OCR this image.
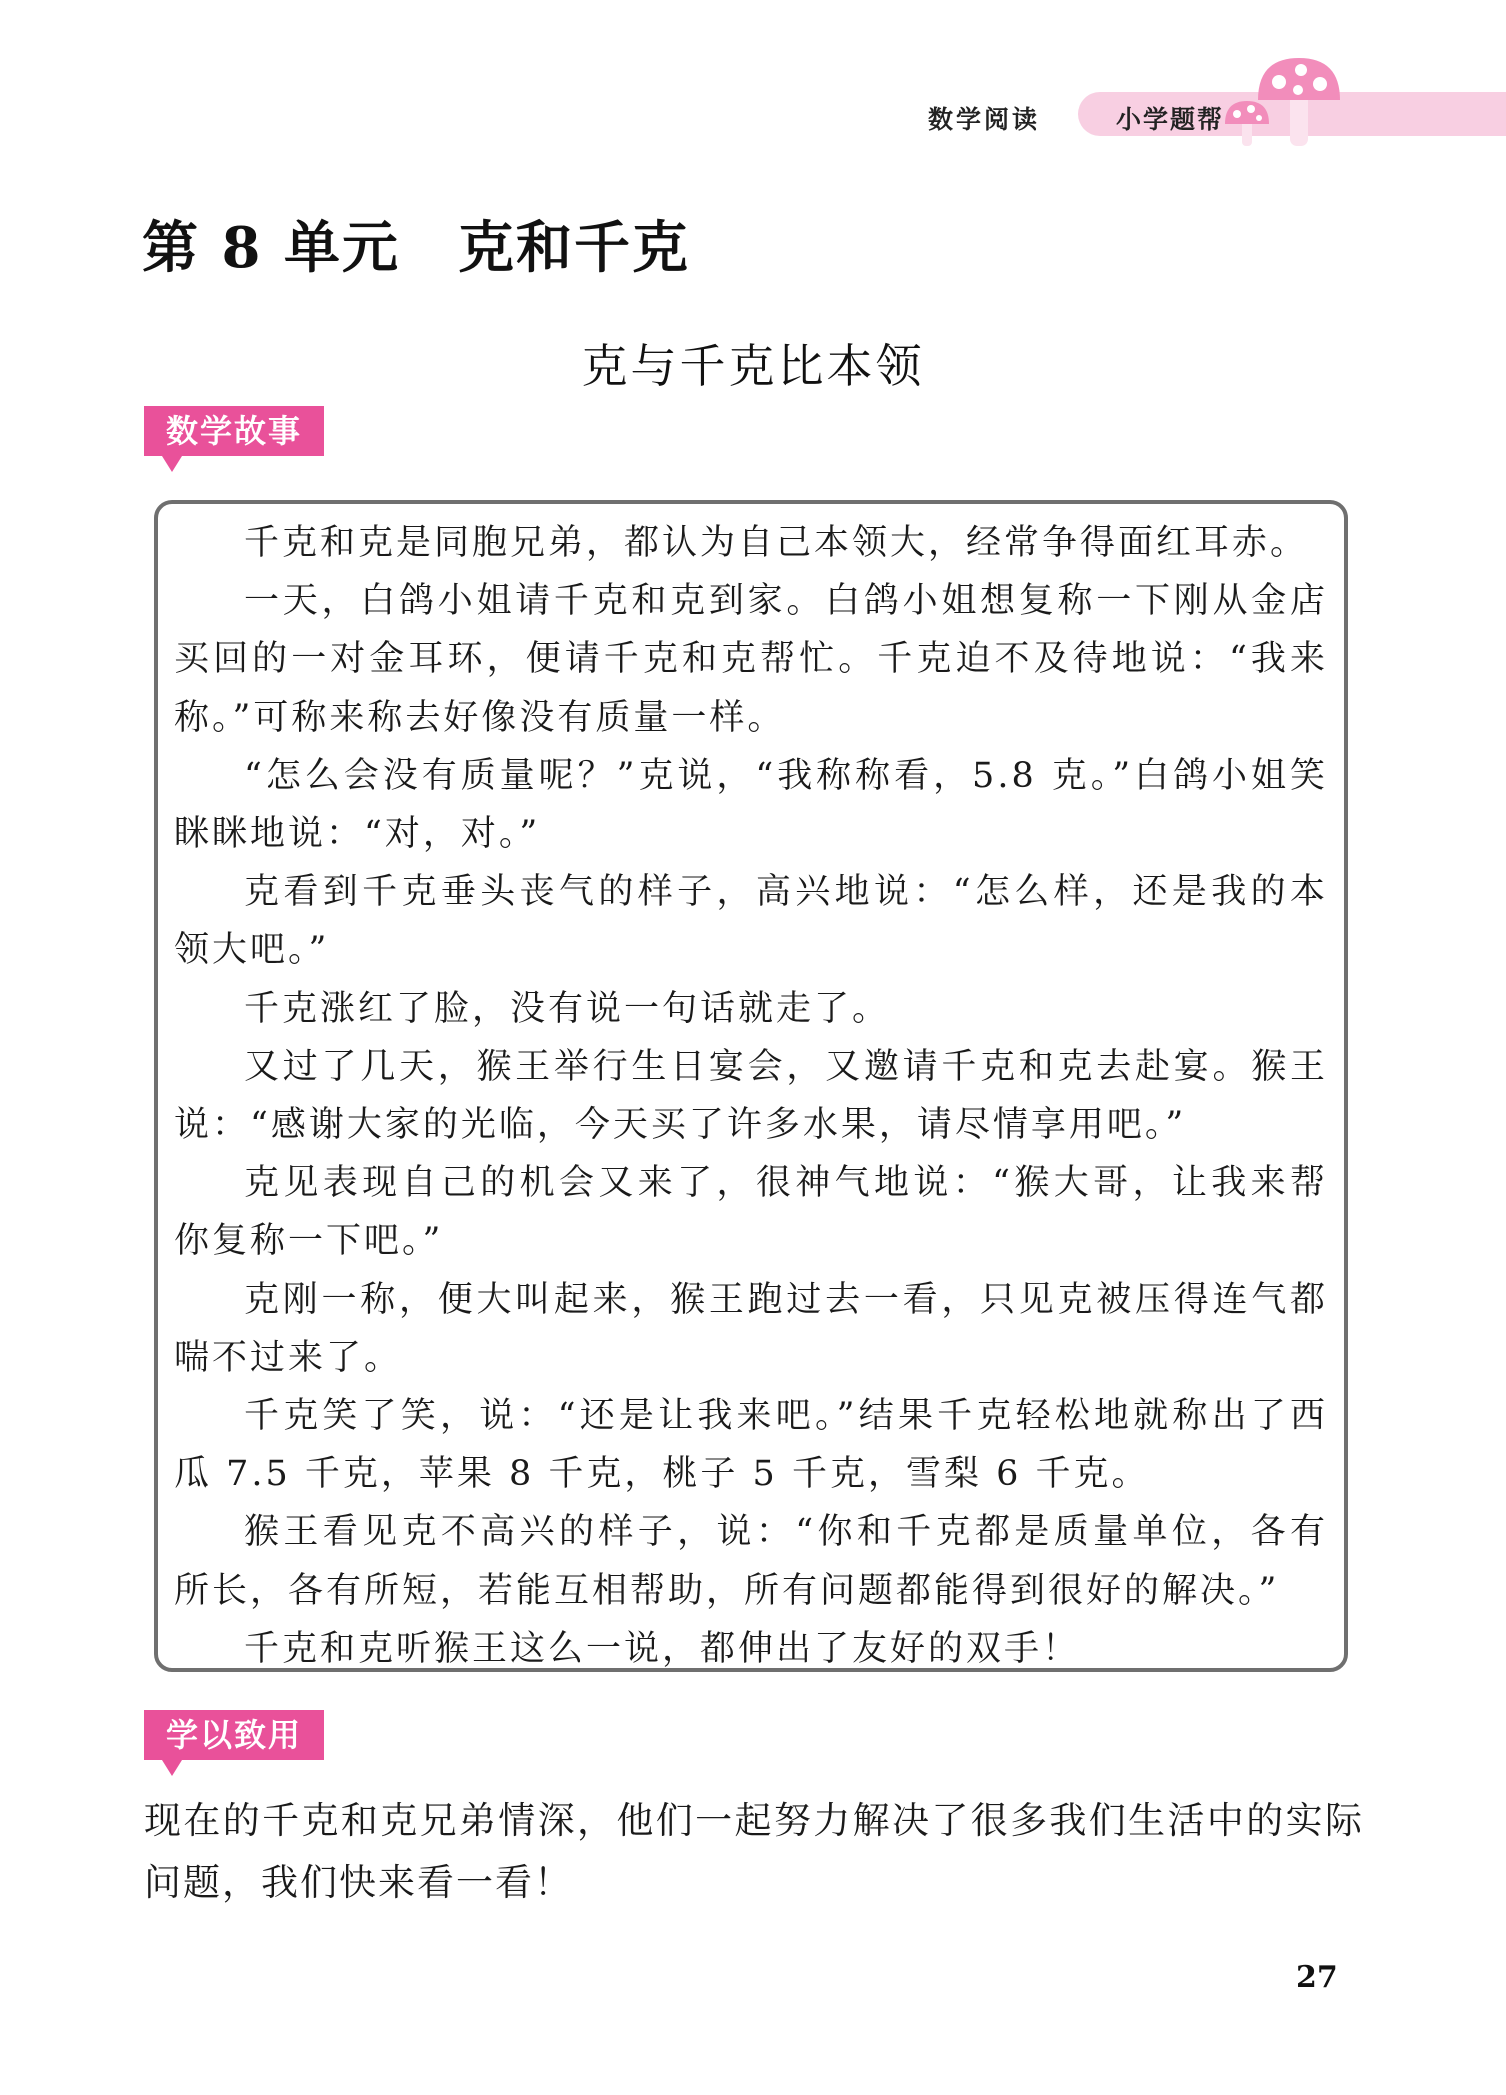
数学阅读	小学题帮
第 8 单元 克和千克
克与千克比本领
数学故事

千克和克是同胞兄弟，都认为自己本领大，经常争得面红耳赤。

一天，白鸽小姐请千克和克到家。白鸽小姐想复称一下刚从金店买回的一对金耳环，便请千克和克帮忙。千克迫不及待地说：“我来称。”可称来称去好像没有质量一样。

“怎么会没有质量呢？”克说，“我称称看，5.8 克。”白鸽小姐笑眯眯地说：“对，对。”

克看到千克垂头丧气的样子，高兴地说：“怎么样，还是我的本领大吧。”

千克涨红了脸，没有说一句话就走了。

又过了几天，猴王举行生日宴会，又邀请千克和克去赴宴。猴王说：“感谢大家的光临，今天买了许多水果，请尽情享用吧。”

克见表现自己的机会又来了，很神气地说：“猴大哥，让我来帮你复称一下吧。”

克刚一称，便大叫起来，猴王跑过去一看，只见克被压得连气都喘不过来了。

千克笑了笑，说：“还是让我来吧。”结果千克轻松地就称出了西瓜 7.5 千克，苹果 8 千克，桃子 5 千克，雪梨 6 千克。

猴王看见克不高兴的样子，说：“你和千克都是质量单位，各有所长，各有所短，若能互相帮助，所有问题都能得到很好的解决。”

千克和克听猴王这么一说，都伸出了友好的双手！

学以致用

现在的千克和克兄弟情深，他们一起努力解决了很多我们生活中的实际问题，我们快来看一看！

27
